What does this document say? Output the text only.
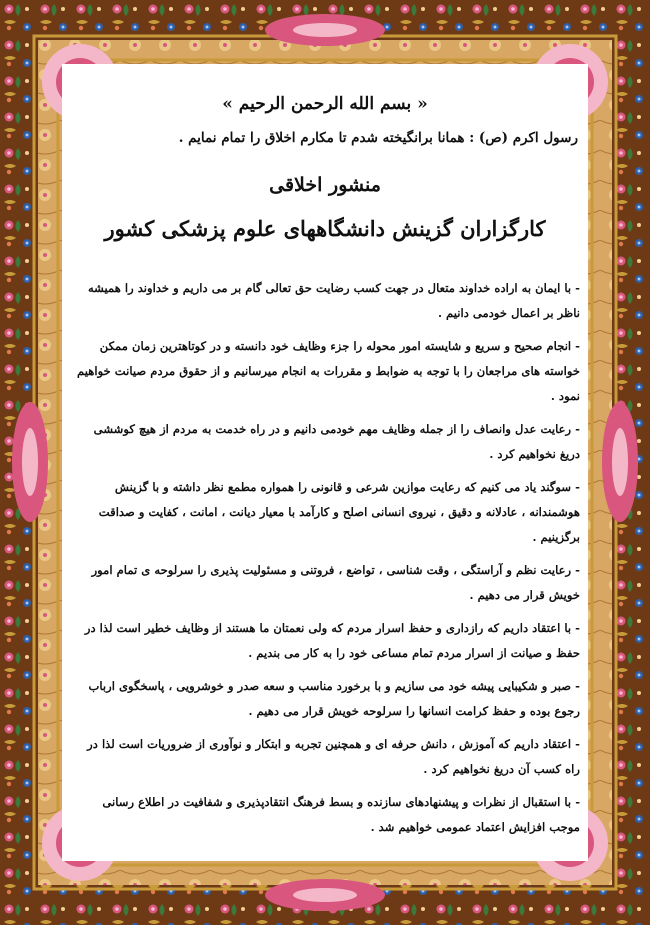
« بسم الله الرحمن الرحيم »
رسول اکرم (ص) : همانا برانگیخته شدم تا مکارم اخلاق را تمام نمایم .
منشور اخلاقی
کارگزاران گزینش دانشگاههای علوم پزشکی کشور
- با ایمان به اراده خداوند متعال در جهت کسب رضایت حق تعالی گام بر می داریم و خداوند را همیشه ناظر بر اعمال خودمی دانیم .
- انجام صحیح و سریع و شایسته امور محوله را جزء وظایف خود دانسته و در کوتاهترین زمان ممکن خواسته های مراجعان را با توجه به ضوابط و مقررات به انجام میرسانیم و از حقوق مردم صیانت خواهیم نمود .
- رعایت عدل وانصاف را از جمله وظایف مهم خودمی دانیم و در راه خدمت به مردم از هیچ کوششی دریغ نخواهیم کرد .
- سوگند یاد می کنیم که رعایت موازین شرعی و قانونی را همواره مطمع نظر داشته و با گزینش هوشمندانه ، عادلانه و دقیق ، نیروی انسانی اصلح و کارآمد با معیار دیانت ، امانت ، کفایت و صداقت برگزینیم .
- رعایت نظم و آراستگی ، وقت شناسی ، تواضع ، فروتنی و مسئولیت پذیری را سرلوحه ی تمام امور خویش قرار می دهیم .
- با اعتقاد داریم که رازداری و حفظ اسرار مردم که ولی نعمتان ما هستند از وظایف خطیر است لذا در حفظ و صیانت از اسرار مردم تمام مساعی خود را به کار می بندیم .
- صبر و شکیبایی پیشه خود می سازیم و با برخورد مناسب و سعه صدر و خوشرویی ، پاسخگوی ارباب رجوع بوده و حفظ کرامت انسانها را سرلوحه خویش قرار می دهیم .
- اعتقاد داریم که آموزش ، دانش حرفه ای و همچنین تجربه و ابتکار و نوآوری از ضروریات است لذا در راه کسب آن دریغ نخواهیم کرد .
- با استقبال از نظرات و پیشنهادهای سازنده و بسط فرهنگ انتقادپذیری و شفافیت در اطلاع رسانی موجب افزایش اعتماد عمومی خواهیم شد .
